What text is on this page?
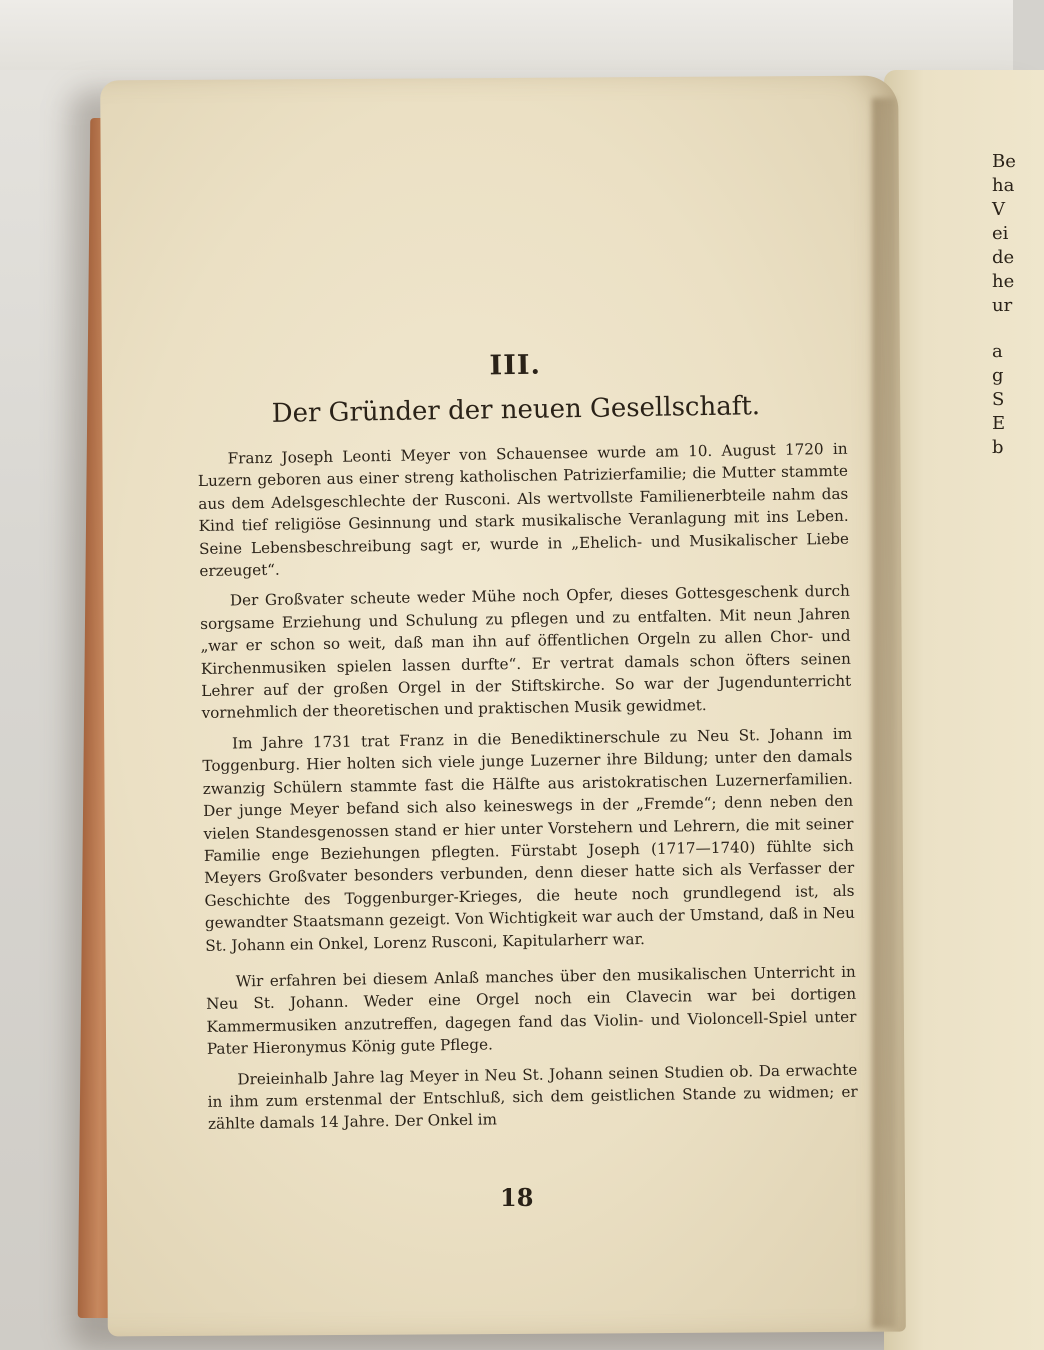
Be
ha
V
ei
de
he
ur
a
g
S
E
b
III.
Der Gründer der neuen Gesellschaft.

Franz Joseph Leonti Meyer von Schauensee wurde am 10. August 1720 in Luzern geboren aus einer streng katholischen Patrizierfamilie; die Mutter stammte aus dem Adelsgeschlechte der Rusconi. Als wertvollste Familienerbteile nahm das Kind tief religiöse Gesinnung und stark musikalische Veranlagung mit ins Leben. Seine Lebensbeschreibung sagt er, wurde in „Ehelich- und Musikalischer Liebe erzeuget“.

Der Großvater scheute weder Mühe noch Opfer, dieses Gottesgeschenk durch sorgsame Erziehung und Schulung zu pflegen und zu entfalten. Mit neun Jahren „war er schon so weit, daß man ihn auf öffentlichen Orgeln zu allen Chor- und Kirchenmusiken spielen lassen durfte“. Er vertrat damals schon öfters seinen Lehrer auf der großen Orgel in der Stiftskirche. So war der Jugendunterricht vornehmlich der theoretischen und praktischen Musik gewidmet.

Im Jahre 1731 trat Franz in die Benediktinerschule zu Neu St. Johann im Toggenburg. Hier holten sich viele junge Luzerner ihre Bildung; unter den damals zwanzig Schülern stammte fast die Hälfte aus aristokratischen Luzernerfamilien. Der junge Meyer befand sich also keineswegs in der „Fremde“; denn neben den vielen Standesgenossen stand er hier unter Vorstehern und Lehrern, die mit seiner Familie enge Beziehungen pflegten. Fürstabt Joseph (1717—1740) fühlte sich Meyers Großvater besonders verbunden, denn dieser hatte sich als Verfasser der Geschichte des Toggenburger-Krieges, die heute noch grundlegend ist, als gewandter Staatsmann gezeigt. Von Wichtigkeit war auch der Umstand, daß in Neu St. Johann ein Onkel, Lorenz Rusconi, Kapitularherr war.

Wir erfahren bei diesem Anlaß manches über den musikalischen Unterricht in Neu St. Johann. Weder eine Orgel noch ein Clavecin war bei dortigen Kammermusiken anzutreffen, dagegen fand das Violin- und Violoncell-Spiel unter Pater Hieronymus König gute Pflege.

Dreieinhalb Jahre lag Meyer in Neu St. Johann seinen Studien ob. Da erwachte in ihm zum erstenmal der Entschluß, sich dem geistlichen Stande zu widmen; er zählte damals 14 Jahre. Der Onkel im

18
